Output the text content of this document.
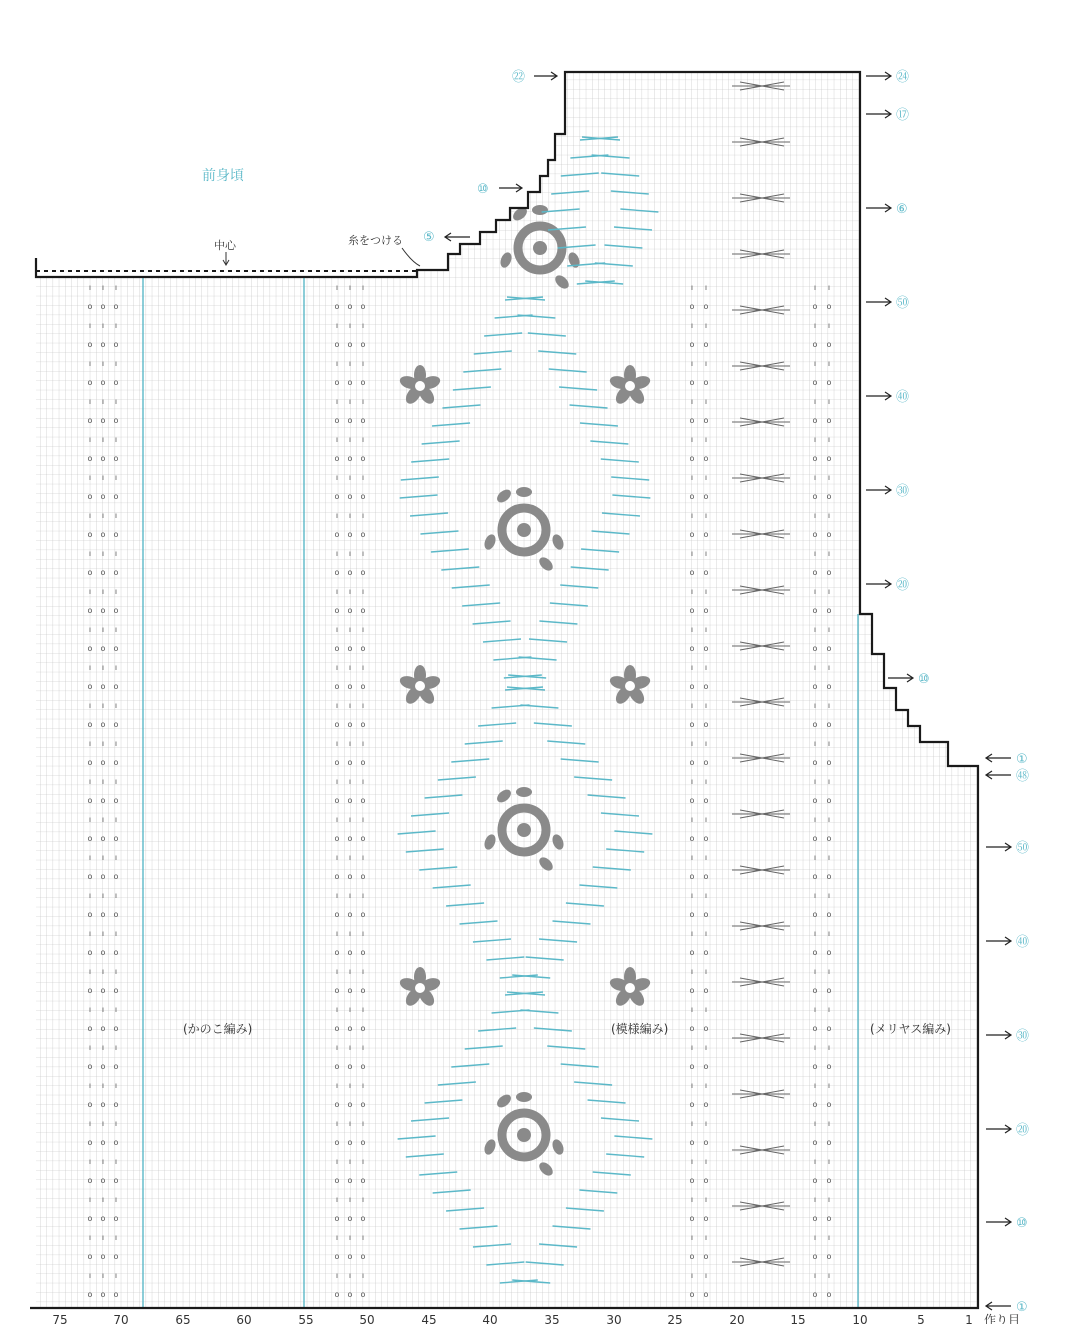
ı
o
ı
o
ı
o
ı
o
ı
o
ı
o
ı
o
ı
o
ı
o
ı
o
ı
o
ı
o
ı
o
ı
o
ı
o
ı
o
ı
o
ı
o
ı
o
ı
o
ı
o
ı
o
ı
o
ı
o
ı
o
ı
o
ı
o
ı
o
ı
o
ı
o
ı
o
ı
o
ı
o
ı
o
ı
o
ı
o
ı
o
ı
o
ı
o
ı
o
ı
o
ı
o
ı
o
ı
o
ı
o
ı
o
ı
o
ı
o
ı
o
ı
o
ı
o
ı
o
ı
o
ı
o
ı
o
ı
o
ı
o
ı
o
ı
o
ı
o
ı
o
ı
o
ı
o
ı
o
ı
o
ı
o
ı
o
ı
o
ı
o
ı
o
ı
o
ı
o
ı
o
ı
o
ı
o
ı
o
ı
o
ı
o
ı
o
ı
o
ı
o
ı
o
ı
o
ı
o
ı
o
ı
o
ı
o
ı
o
ı
o
ı
o
ı
o
ı
o
ı
o
ı
o
ı
o
ı
o
ı
o
ı
o
ı
o
ı
o
ı
o
ı
o
ı
o
ı
o
ı
o
ı
o
ı
o
ı
o
ı
o
ı
o
ı
o
ı
o
ı
o
ı
o
ı
o
ı
o
ı
o
ı
o
ı
o
ı
o
ı
o
ı
o
ı
o
ı
o
ı
o
ı
o
ı
o
ı
o
ı
o
ı
o
ı
o
ı
o
ı
o
ı
o
ı
o
ı
o
ı
o
ı
o
ı
o
ı
o
ı
o
ı
o
ı
o
ı
o
ı
o
ı
o
ı
o
ı
o
ı
o
ı
o
ı
o
ı
o
ı
o
ı
o
ı
o
ı
o
ı
o
ı
o
ı
o
ı
o
ı
o
ı
o
ı
o
ı
o
ı
o
ı
o
ı
o
ı
o
ı
o
ı
o
ı
o
ı
o
ı
o
ı
o
ı
o
ı
o
ı
o
ı
o
ı
o
ı
o
ı
o
ı
o
ı
o
ı
o
ı
o
ı
o
ı
o
ı
o
ı
o
ı
o
ı
o
ı
o
ı
o
ı
o
ı
o
ı
o
ı
o
ı
o
ı
o
ı
o
ı
o
ı
o
ı
o
ı
o
ı
o
ı
o
ı
o
ı
o
ı
o
ı
o
ı
o
ı
o
ı
o
ı
o
ı
o
ı
o
ı
o
ı
o
ı
o
ı
o
ı
o
ı
o
ı
o
ı
o
ı
o
ı
o
ı
o
ı
o
ı
o
ı
o
ı
o
ı
o
ı
o
ı
o
ı
o
ı
o
ı
o
ı
o
ı
o
ı
o
ı
o
ı
o
ı
o
ı
o
ı
o
ı
o
ı
o
ı
o
ı
o
ı
o
ı
o
ı
o
ı
o
ı
o
ı
o
ı
o
ı
o
ı
o
ı
o
ı
o
ı
o
ı
o
ı
o
ı
o
ı
o
ı
o
ı
o
ı
o
ı
o
ı
o
前身頃
中心	糸をつける
(かのこ編み)	(模様編み)	(メリヤス編み)
㉒
⑩
⑤
㉔
⑰
⑥
㊿
㊵
㉚
⑳
⑩
①
㊽
㊿
㊵
㉚
⑳
⑩
①
75	70	65	60	55	50	45	40	35	30	25	20	15	10	5	1 作り目
